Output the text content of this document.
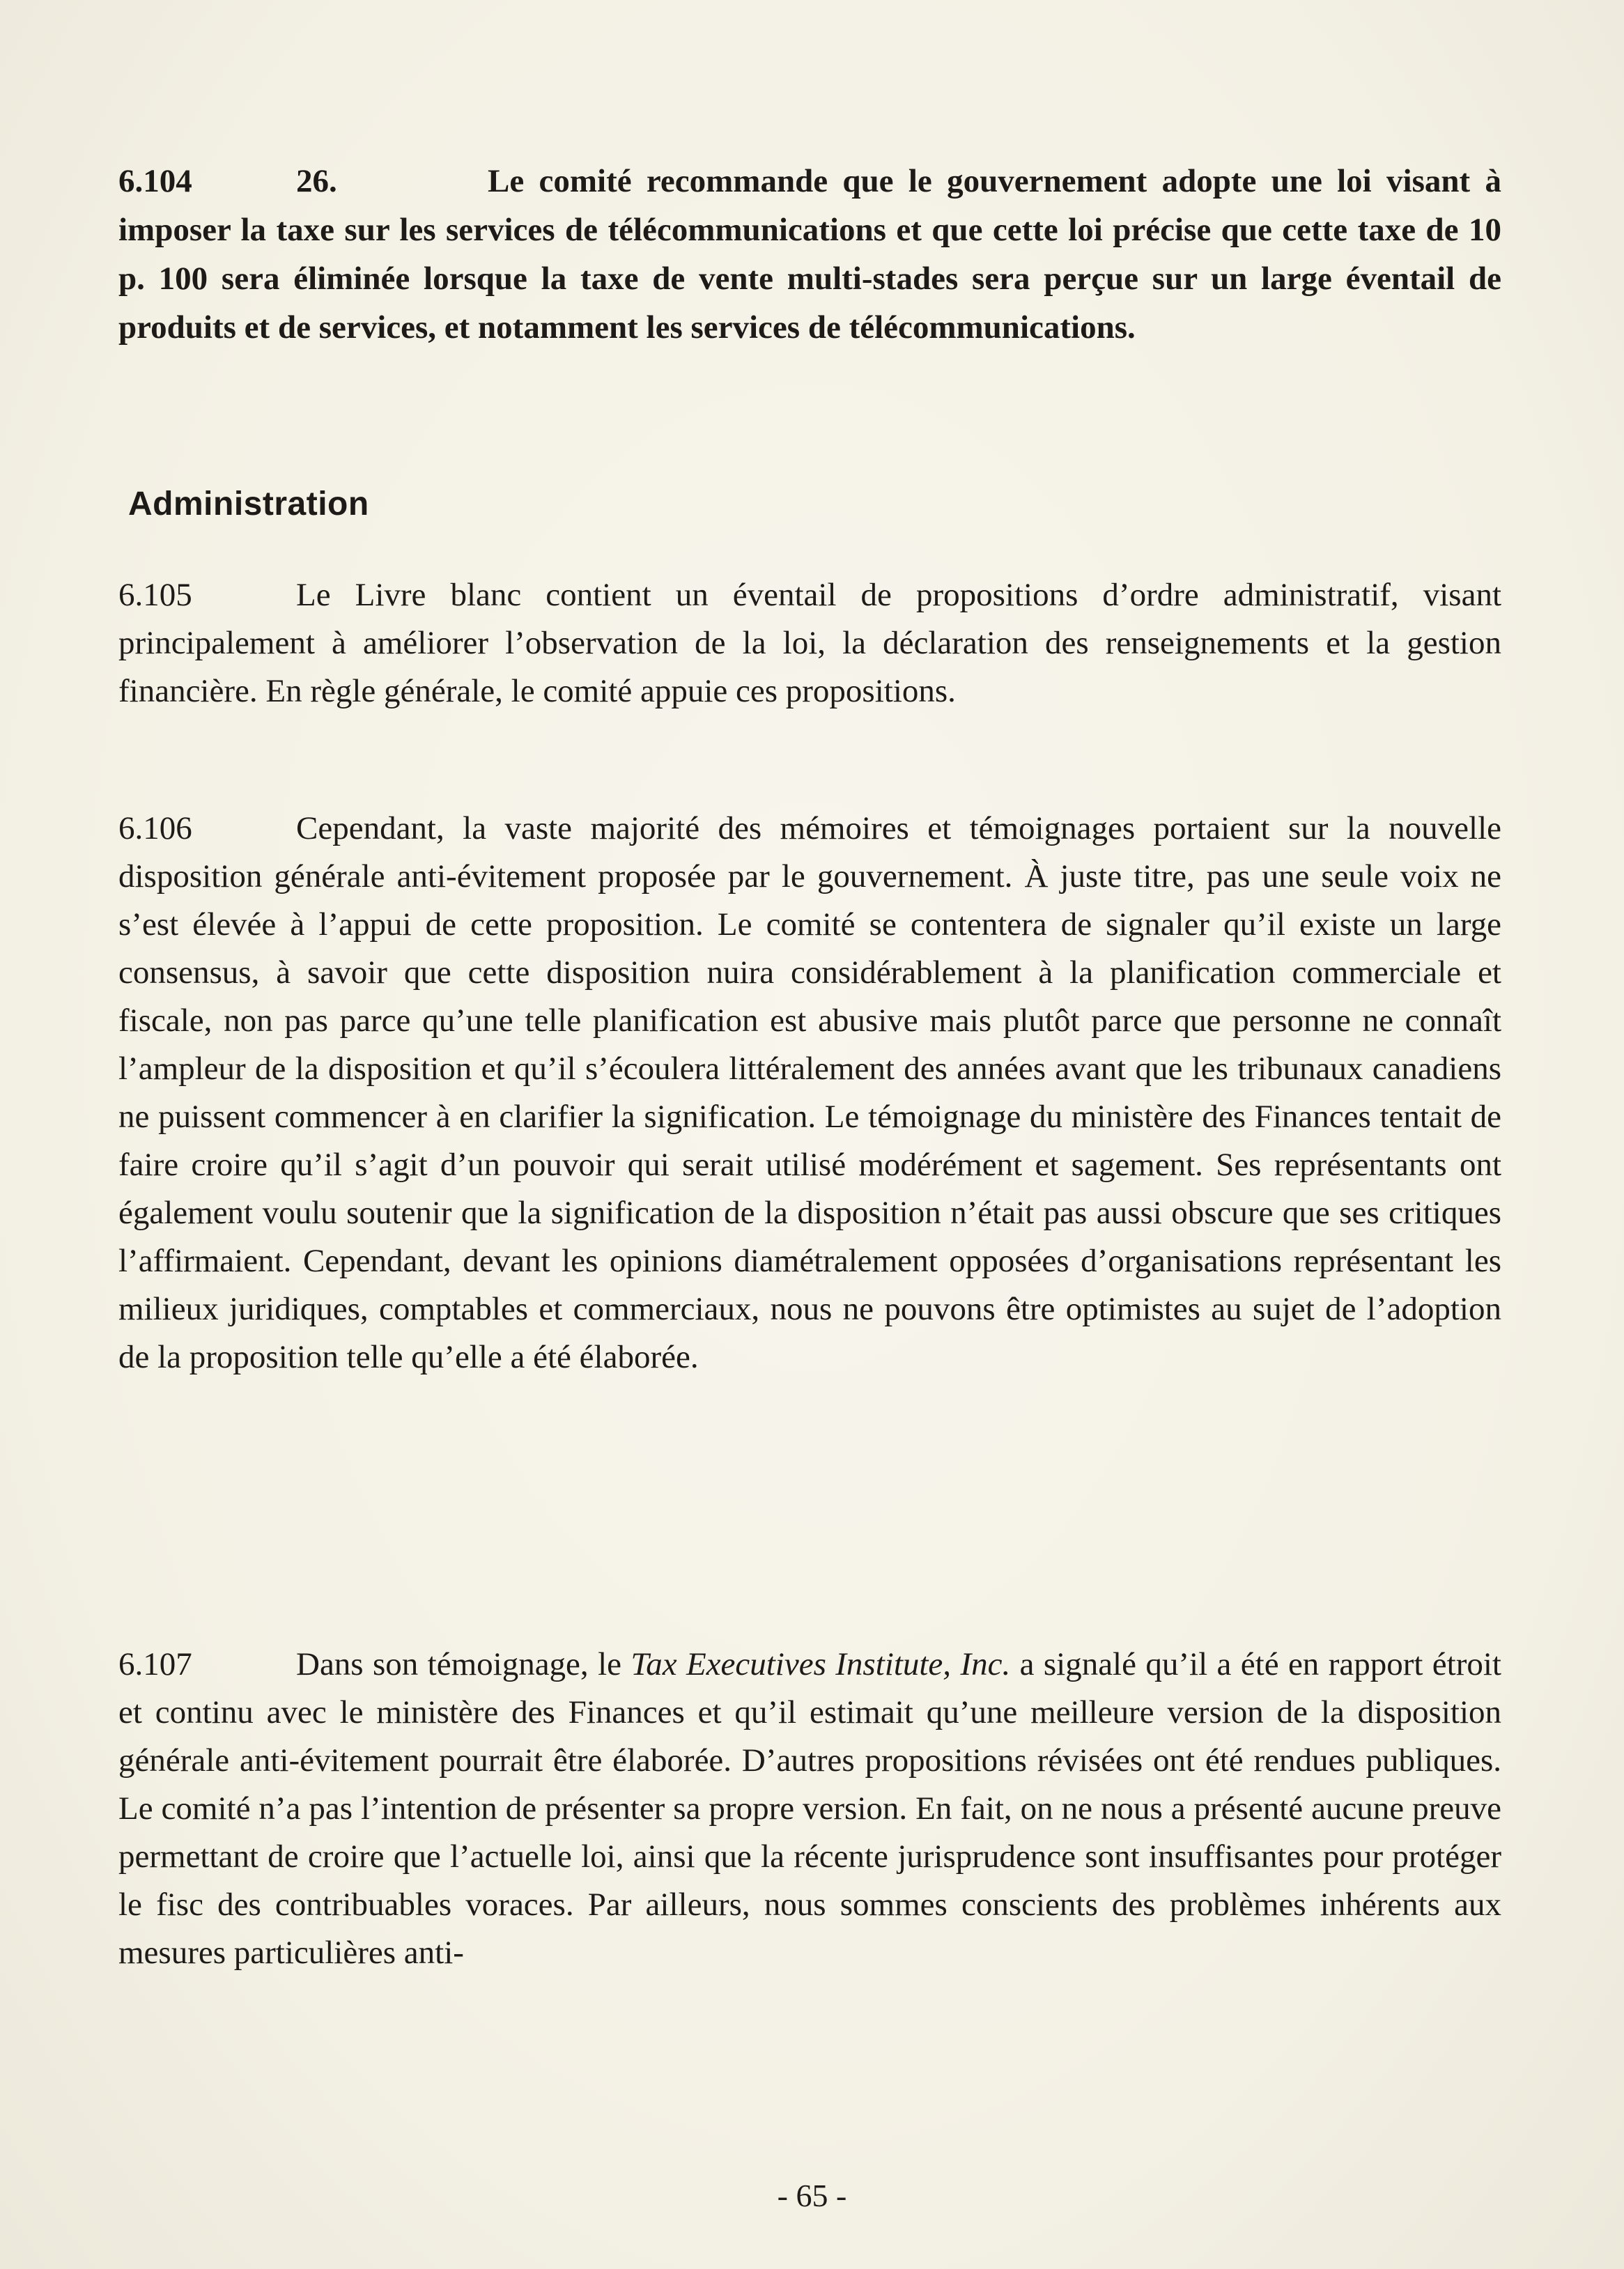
6.104	26.	Le comité recommande que le gouvernement adopte une loi visant à imposer la taxe sur les services de télécommunications et que cette loi précise que cette taxe de 10 p. 100 sera éliminée lorsque la taxe de vente multi-stades sera perçue sur un large éventail de produits et de services, et notamment les services de télécommunications.
Administration
6.105	Le Livre blanc contient un éventail de propositions d’ordre administratif, visant principalement à améliorer l’observation de la loi, la déclaration des renseignements et la gestion financière. En règle générale, le comité appuie ces propositions.
6.106	Cependant, la vaste majorité des mémoires et témoignages portaient sur la nouvelle disposition générale anti-évitement proposée par le gouvernement. À juste titre, pas une seule voix ne s’est élevée à l’appui de cette proposition. Le comité se contentera de signaler qu’il existe un large consensus, à savoir que cette disposition nuira considérablement à la planification commerciale et fiscale, non pas parce qu’une telle planification est abusive mais plutôt parce que personne ne connaît l’ampleur de la disposition et qu’il s’écoulera littéralement des années avant que les tribunaux canadiens ne puissent commencer à en clarifier la signification. Le témoignage du ministère des Finances tentait de faire croire qu’il s’agit d’un pouvoir qui serait utilisé modérément et sagement. Ses représentants ont également voulu soutenir que la signification de la disposition n’était pas aussi obscure que ses critiques l’affirmaient. Cependant, devant les opinions diamétralement opposées d’organisations représentant les milieux juridiques, comptables et commerciaux, nous ne pouvons être optimistes au sujet de l’adoption de la proposition telle qu’elle a été élaborée.
6.107	Dans son témoignage, le Tax Executives Institute, Inc. a signalé qu’il a été en rapport étroit et continu avec le ministère des Finances et qu’il estimait qu’une meilleure version de la disposition générale anti-évitement pourrait être élaborée. D’autres propositions révisées ont été rendues publiques. Le comité n’a pas l’intention de présenter sa propre version. En fait, on ne nous a présenté aucune preuve permettant de croire que l’actuelle loi, ainsi que la récente jurisprudence sont insuffisantes pour protéger le fisc des contribuables voraces. Par ailleurs, nous sommes conscients des problèmes inhérents aux mesures particulières anti-
- 65 -
